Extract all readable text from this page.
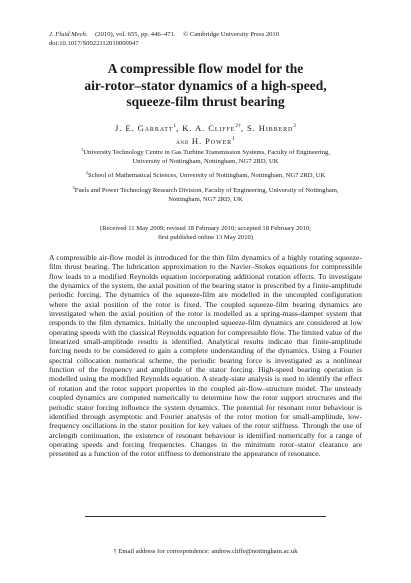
J. Fluid Mech. (2010), vol. 655, pp. 446–471. © Cambridge University Press 2010
doi:10.1017/S0022112010000947
A compressible flow model for the
air-rotor–stator dynamics of a high-speed,
squeeze-film thrust bearing
J. E. Garratt$^1$, K. A. Cliffe$^{2\dagger}$, S. Hibberd$^2$
and H. Power$^1$
$^1$University Technology Centre in Gas Turbine Transmission Systems, Faculty of Engineering,
University of Nottingham, Nottingham, NG7 2RD, UK
$^2$School of Mathematical Sciences, University of Nottingham, Nottingham, NG7 2RD, UK
$^3$Fuels and Power Technology Research Division, Faculty of Engineering, University of Nottingham,
Nottingham, NG7 2RD, UK
(Received 11 May 2009; revised 18 February 2010; accepted 18 February 2010;
first published online 13 May 2010)

A compressible air-flow model is introduced for the thin film dynamics of a highly rotating squeeze-film thrust bearing. The lubrication approximation to the Navier–Stokes equations for compressible flow leads to a modified Reynolds equation incorporating additional rotation effects. To investigate the dynamics of the system, the axial position of the bearing stator is prescribed by a finite-amplitude periodic forcing. The dynamics of the squeeze-film are modelled in the uncoupled configuration where the axial position of the rotor is fixed. The coupled squeeze-film bearing dynamics are investigated when the axial position of the rotor is modelled as a spring-mass-damper system that responds to the film dynamics. Initially the uncoupled squeeze-film dynamics are considered at low operating speeds with the classical Reynolds equation for compressible flow. The limited value of the linearized small-amplitude results is identified. Analytical results indicate that finite-amplitude forcing needs to be considered to gain a complete understanding of the dynamics. Using a Fourier spectral collocation numerical scheme, the periodic bearing force is investigated as a nonlinear function of the frequency and amplitude of the stator forcing. High-speed bearing operation is modelled using the modified Reynolds equation. A steady-state analysis is used to identify the effect of rotation and the rotor support properties in the coupled air-flow–structure model. The unsteady coupled dynamics are computed numerically to determine how the rotor support structures and the periodic stator forcing influence the system dynamics. The potential for resonant rotor behaviour is identified through asymptotic and Fourier analysis of the rotor motion for small-amplitude, low-frequency oscillations in the stator position for key values of the rotor stiffness. Through the use of arclength continuation, the existence of resonant behaviour is identified numerically for a range of operating speeds and forcing frequencies. Changes in the minimum rotor–stator clearance are presented as a function of the rotor stiffness to demonstrate the appearance of resonance.

† Email address for correspondence: andrew.cliffe@nottingham.ac.uk
